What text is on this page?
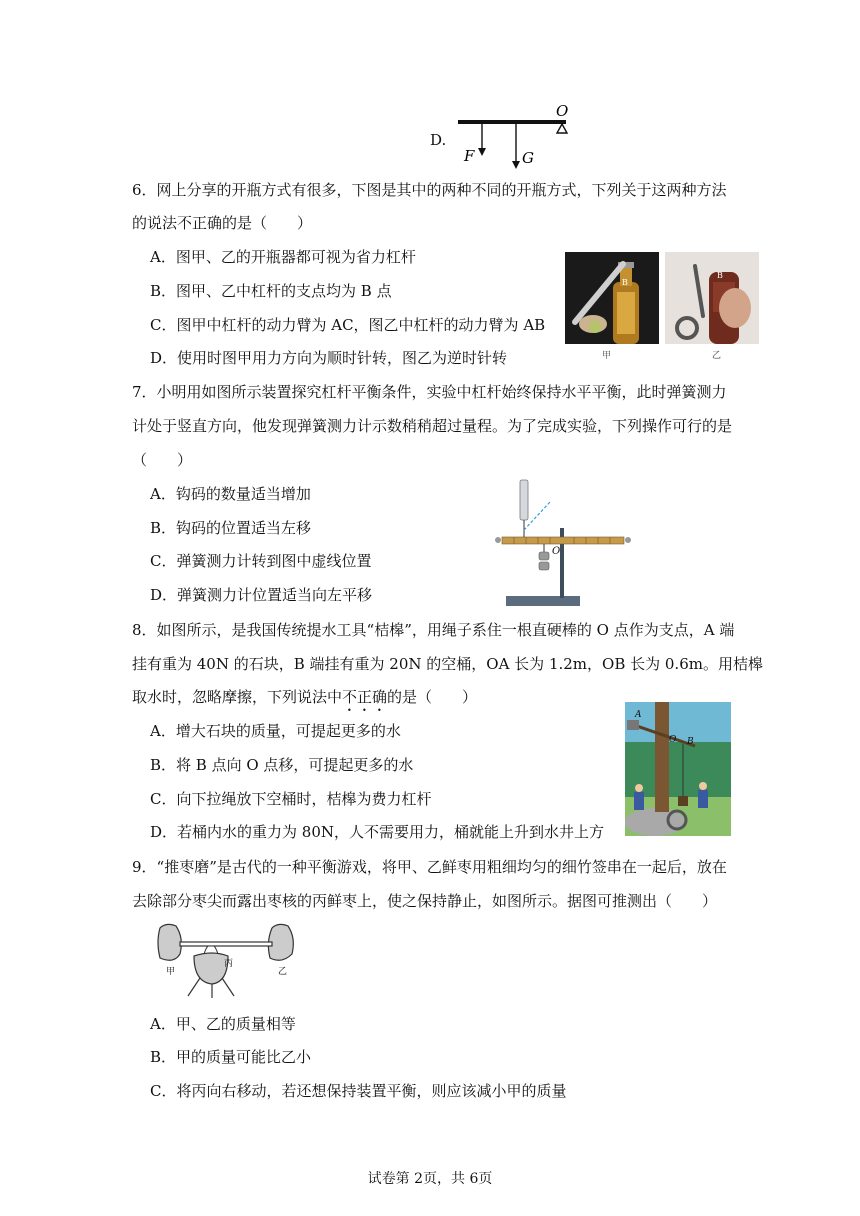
D.
O
F	G
6．网上分享的开瓶方式有很多，下图是其中的两种不同的开瓶方式，下列关于这两种方法
的说法不正确的是（　　）
A．图甲、乙的开瓶器都可视为省力杠杆
B．图甲、乙中杠杆的支点均为 B 点
C．图甲中杠杆的动力臂为 AC，图乙中杠杆的动力臂为 AB
D．使用时图甲用力方向为顺时针转，图乙为逆时针转
B
甲
B
乙
7．小明用如图所示装置探究杠杆平衡条件，实验中杠杆始终保持水平平衡，此时弹簧测力
计处于竖直方向，他发现弹簧测力计示数稍稍超过量程。为了完成实验，下列操作可行的是
（　　）
A．钩码的数量适当增加
B．钩码的位置适当左移
C．弹簧测力计转到图中虚线位置
D．弹簧测力计位置适当向左平移
O
8．如图所示，是我国传统提水工具“桔槔”，用绳子系住一根直硬棒的 O 点作为支点，A 端
挂有重为 40N 的石块，B 端挂有重为 20N 的空桶，OA 长为 1.2m，OB 长为 0.6m。用桔槔
取水时，忽略摩擦，下列说法中不正确的是（　　）
A．增大石块的质量，可提起更多的水
B．将 B 点向 O 点移，可提起更多的水
C．向下拉绳放下空桶时，桔槔为费力杠杆
D．若桶内水的重力为 80N，人不需要用力，桶就能上升到水井上方
A
O B
9．“推枣磨”是古代的一种平衡游戏，将甲、乙鲜枣用粗细均匀的细竹签串在一起后，放在
去除部分枣尖而露出枣核的丙鲜枣上，使之保持静止，如图所示。据图可推测出（　　）
甲
丙
乙
A．甲、乙的质量相等
B．甲的质量可能比乙小
C．将丙向右移动，若还想保持装置平衡，则应该减小甲的质量
试卷第 2页，共 6页
